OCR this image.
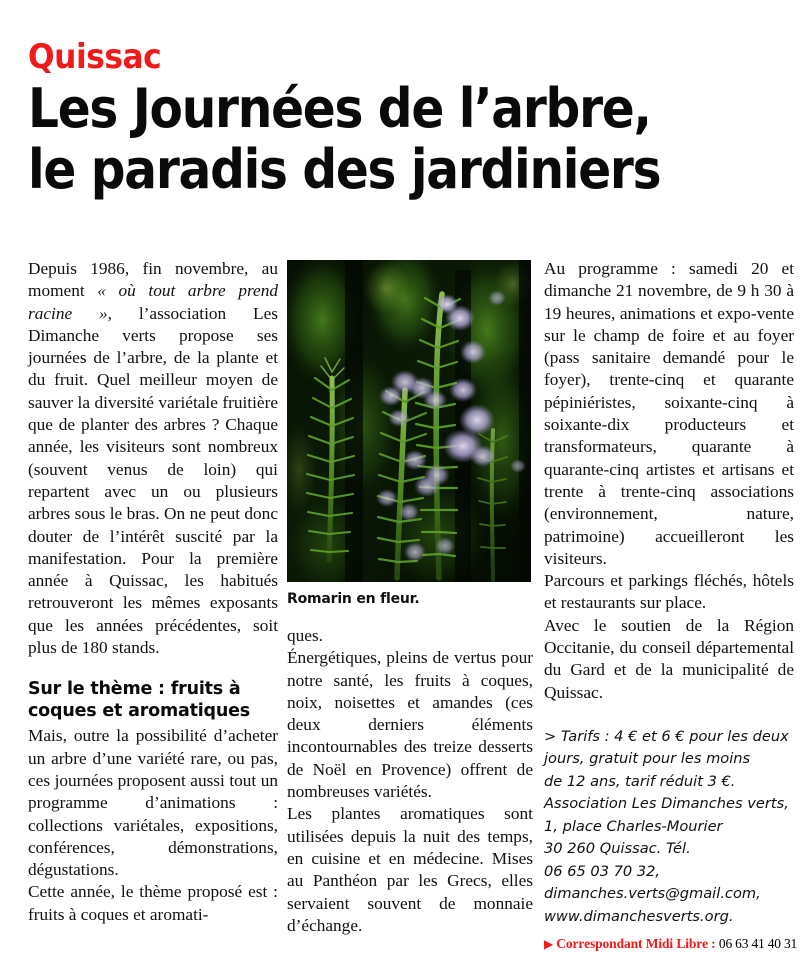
Quissac
Les Journées de l’arbre,
le paradis des jardiniers
Romarin en fleur.

Depuis 1986, fin novembre, au moment « où tout arbre prend racine », l’association Les Dimanche verts propose ses journées de l’arbre, de la plante et du fruit. Quel meilleur moyen de sauver la diversité variétale fruitière que de planter des arbres ? Chaque année, les visiteurs sont nombreux (souvent venus de loin) qui repartent avec un ou plusieurs arbres sous le bras. On ne peut donc douter de l’intérêt suscité par la manifestation. Pour la première année à Quissac, les habitués retrouveront les mêmes exposants que les années précédentes, soit plus de 180 stands.

Sur le thème : fruits à coques et aromatiques

Mais, outre la possibilité d’acheter un arbre d’une variété rare, ou pas, ces journées proposent aussi tout un programme d’animations : collections variétales, expositions, conférences, démonstrations, dégustations.

Cette année, le thème proposé est : fruits à coques et aromati-

Au programme : samedi 20 et dimanche 21 novembre, de 9 h 30 à 19 heures, animations et expo-vente sur le champ de foire et au foyer (pass sanitaire demandé pour le foyer), trente-cinq et quarante pépiniéristes, soixante-cinq à soixante-dix producteurs et transformateurs, quarante à quarante-cinq artistes et artisans et trente à trente-cinq associations (environnement, nature, patrimoine) accueilleront les visiteurs.

Parcours et parkings fléchés, hôtels et restaurants sur place.

Avec le soutien de la Région Occitanie, du conseil départemental du Gard et de la municipalité de Quissac.

> Tarifs : 4 € et 6 € pour les deux
jours, gratuit pour les moins
de 12 ans, tarif réduit 3 €.
Association Les Dimanches verts,
1, place Charles-Mourier
30 260 Quissac. Tél.
06 65 03 70 32,
dimanches.verts@gmail.com,
www.dimanchesverts.org.
▶ Correspondant Midi Libre : 06 63 41 40 31

ques.

Énergétiques, pleins de vertus pour notre santé, les fruits à coques, noix, noisettes et amandes (ces deux derniers éléments incontournables des treize desserts de Noël en Provence) offrent de nombreuses variétés.

Les plantes aromatiques sont utilisées depuis la nuit des temps, en cuisine et en médecine. Mises au Panthéon par les Grecs, elles servaient souvent de monnaie d’échange.
